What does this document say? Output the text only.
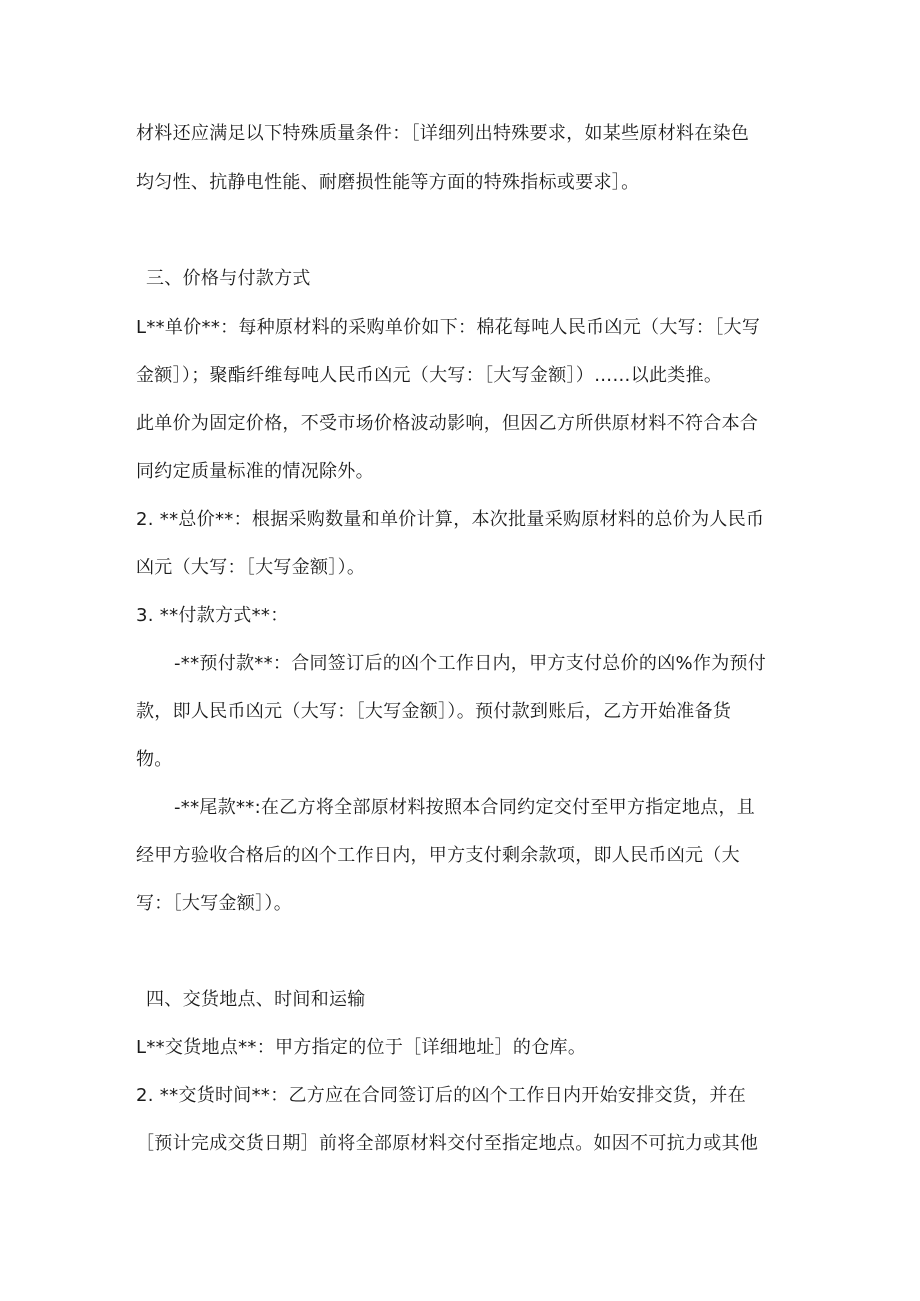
材料还应满足以下特殊质量条件：［详细列出特殊要求，如某些原材料在染色
均匀性、抗静电性能、耐磨损性能等方面的特殊指标或要求］。
三、价格与付款方式
L**单价**：每种原材料的采购单价如下：棉花每吨人民币凶元（大写：［大写
金额］）；聚酯纤维每吨人民币凶元（大写：［大写金额］）……以此类推。
此单价为固定价格，不受市场价格波动影响，但因乙方所供原材料不符合本合
同约定质量标准的情况除外。
2. **总价**：根据采购数量和单价计算，本次批量采购原材料的总价为人民币
凶元（大写：［大写金额］）。
3. **付款方式**：
-**预付款**：合同签订后的凶个工作日内，甲方支付总价的凶%作为预付
款，即人民币凶元（大写：［大写金额］）。预付款到账后，乙方开始准备货
物。
-**尾款**:在乙方将全部原材料按照本合同约定交付至甲方指定地点，且
经甲方验收合格后的凶个工作日内，甲方支付剩余款项，即人民币凶元（大
写：［大写金额］）。
四、交货地点、时间和运输
L**交货地点**：甲方指定的位于［详细地址］的仓库。
2. **交货时间**：乙方应在合同签订后的凶个工作日内开始安排交货，并在
［预计完成交货日期］前将全部原材料交付至指定地点。如因不可抗力或其他
